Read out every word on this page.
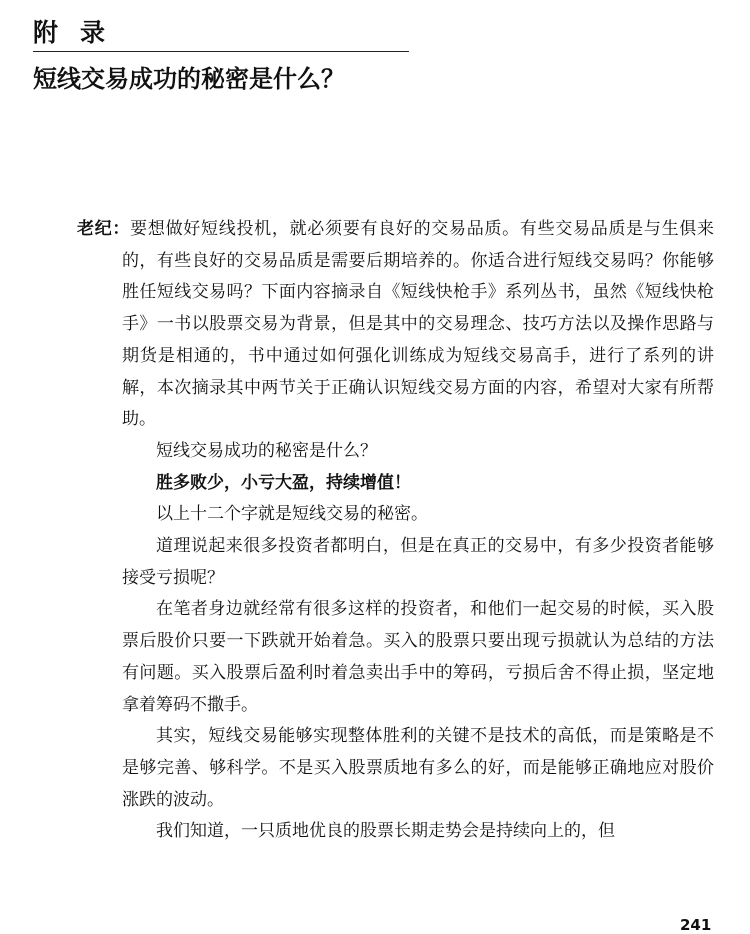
附录
短线交易成功的秘密是什么？

老纪：要想做好短线投机，就必须要有良好的交易品质。有些交易品质是与生俱来的，有些良好的交易品质是需要后期培养的。你适合进行短线交易吗？你能够胜任短线交易吗？下面内容摘录自《短线快枪手》系列丛书，虽然《短线快枪手》一书以股票交易为背景，但是其中的交易理念、技巧方法以及操作思路与期货是相通的，书中通过如何强化训练成为短线交易高手，进行了系列的讲解，本次摘录其中两节关于正确认识短线交易方面的内容，希望对大家有所帮助。

短线交易成功的秘密是什么？

胜多败少，小亏大盈，持续增值！

以上十二个字就是短线交易的秘密。

道理说起来很多投资者都明白，但是在真正的交易中，有多少投资者能够接受亏损呢？

在笔者身边就经常有很多这样的投资者，和他们一起交易的时候，买入股票后股价只要一下跌就开始着急。买入的股票只要出现亏损就认为总结的方法有问题。买入股票后盈利时着急卖出手中的筹码，亏损后舍不得止损，坚定地拿着筹码不撒手。

其实，短线交易能够实现整体胜利的关键不是技术的高低，而是策略是不是够完善、够科学。不是买入股票质地有多么的好，而是能够正确地应对股价涨跌的波动。

我们知道，一只质地优良的股票长期走势会是持续向上的，但

241
